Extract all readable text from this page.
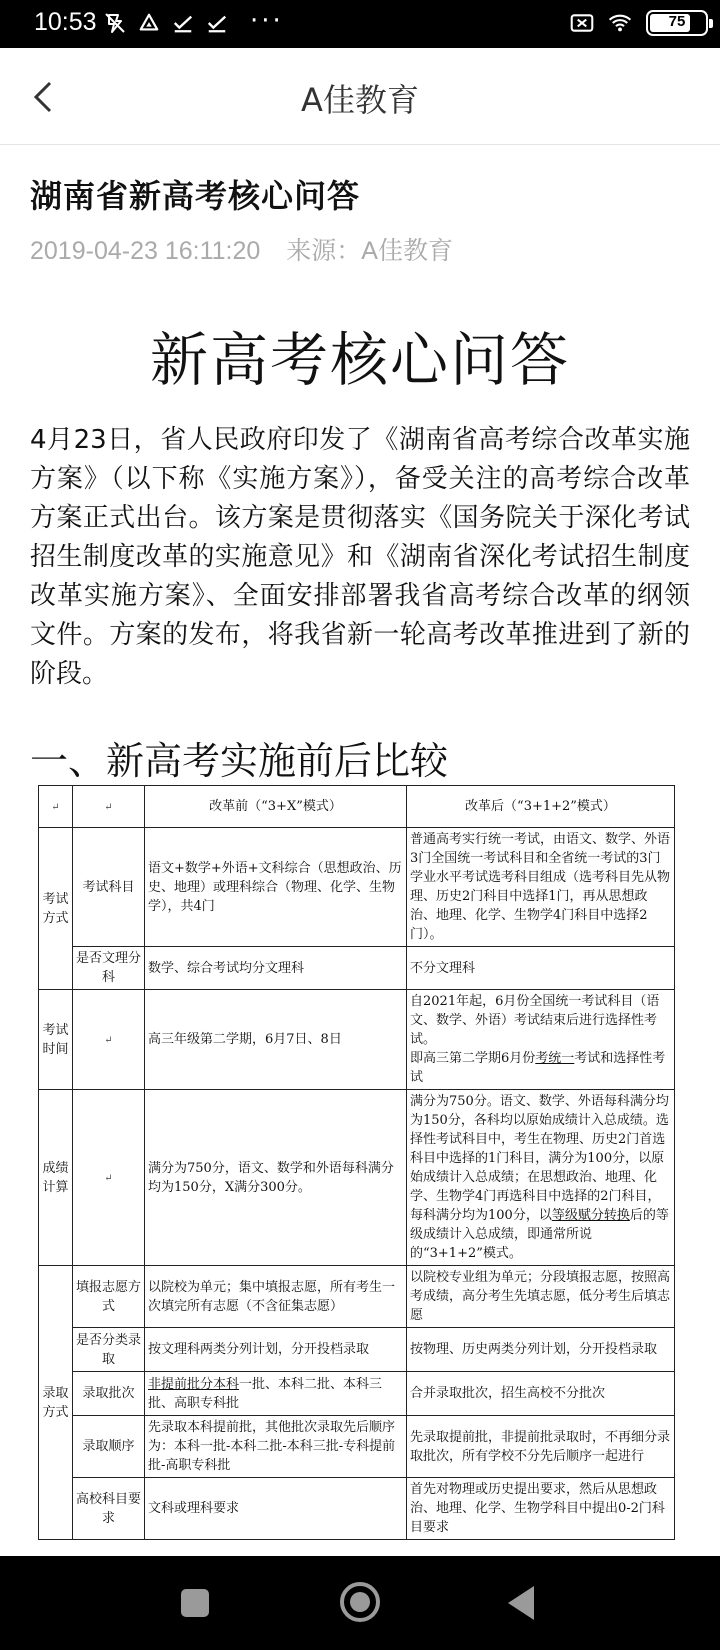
10:53	···	75
A佳教育
湖南省新高考核心问答
2019-04-23 16:11:20 来源：A佳教育
新高考核心问答
4月23日，省人民政府印发了《湖南省高考综合改革实施方案》（以下称《实施方案》），备受关注的高考综合改革方案正式出台。该方案是贯彻落实《国务院关于深化考试招生制度改革的实施意见》和《湖南省深化考试招生制度改革实施方案》、全面安排部署我省高考综合改革的纲领文件。方案的发布，将我省新一轮高考改革推进到了新的阶段。
一、新高考实施前后比较
↵	↵	改革前（“3+X”模式）	改革后（“3+1+2”模式）
考试方式	考试科目	语文+数学+外语+文科综合（思想政治、历史、地理）或理科综合（物理、化学、生物学），共4门	普通高考实行统一考试，由语文、数学、外语3门全国统一考试科目和全省统一考试的3门学业水平考试选考科目组成（选考科目先从物理、历史2门科目中选择1门，再从思想政治、地理、化学、生物学4门科目中选择2门）。
	是否文理分科	数学、综合考试均分文理科	不分文理科
考试时间	↵	高三年级第二学期，6月7日、8日	自2021年起，6月份全国统一考试科目（语文、数学、外语）考试结束后进行选择性考试。
即高三第二学期6月份考统一考试和选择性考试
成绩计算	↵	满分为750分，语文、数学和外语每科满分均为150分，X满分300分。	满分为750分。语文、数学、外语每科满分均为150分，各科均以原始成绩计入总成绩。选择性考试科目中，考生在物理、历史2门首选科目中选择的1门科目，满分为100分，以原始成绩计入总成绩；在思想政治、地理、化学、生物学4门再选科目中选择的2门科目，每科满分均为100分，以等级赋分转换后的等级成绩计入总成绩，即通常所说的“3+1+2”模式。
录取方式	填报志愿方式	以院校为单元；集中填报志愿，所有考生一次填完所有志愿（不含征集志愿）	以院校专业组为单元；分段填报志愿，按照高考成绩，高分考生先填志愿，低分考生后填志愿
	是否分类录取	按文理科两类分列计划，分开投档录取	按物理、历史两类分列计划，分开投档录取
	录取批次	非提前批分本科一批、本科二批、本科三批、高职专科批	合并录取批次，招生高校不分批次
	录取顺序	先录取本科提前批，其他批次录取先后顺序为：本科一批-本科二批-本科三批-专科提前批-高职专科批	先录取提前批，非提前批录取时，不再细分录取批次，所有学校不分先后顺序一起进行
	高校科目要求	文科或理科要求	首先对物理或历史提出要求，然后从思想政治、地理、化学、生物学科目中提出0-2门科目要求
